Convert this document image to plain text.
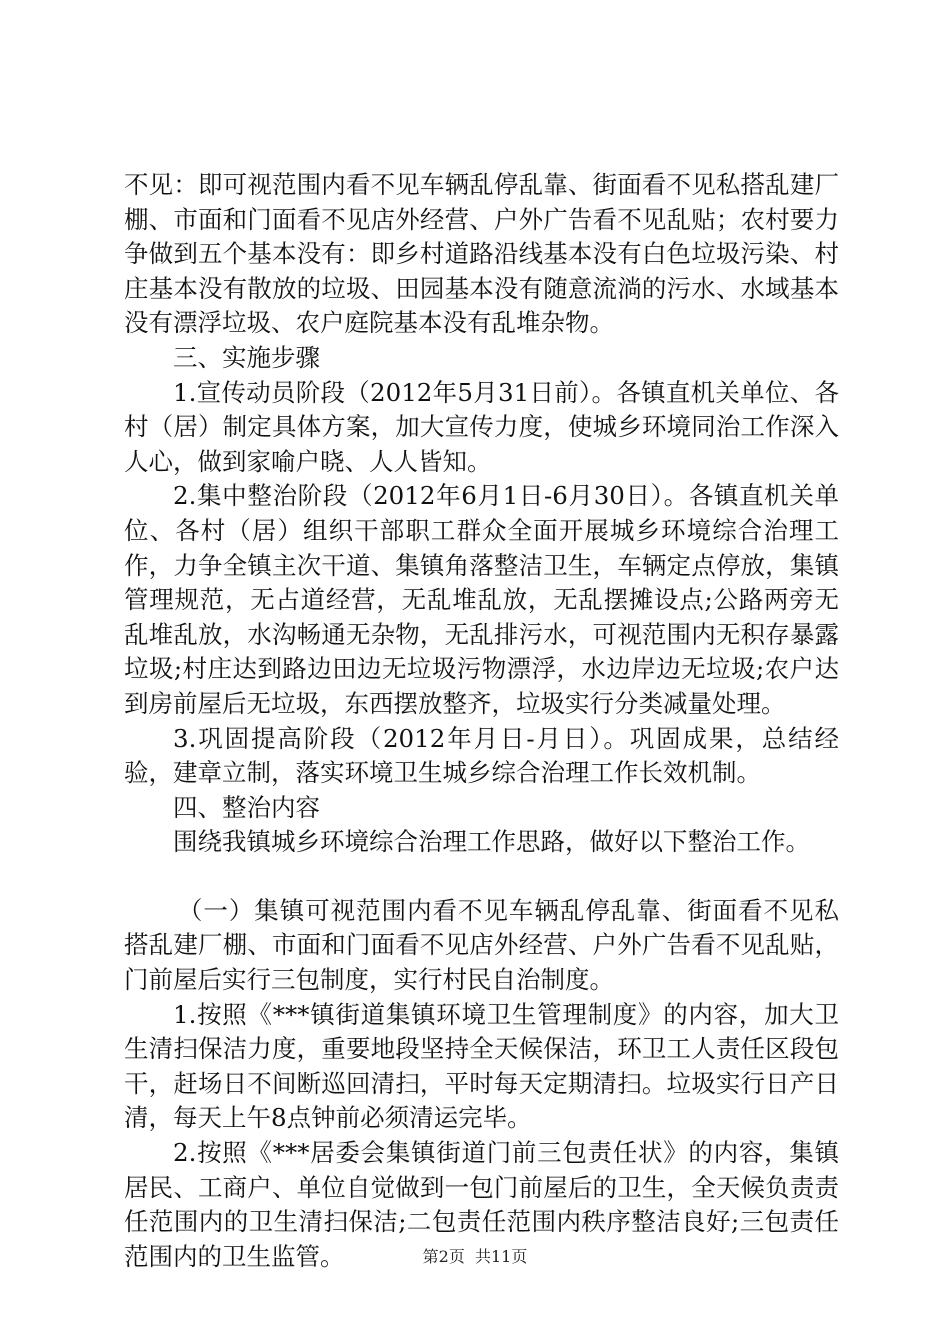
不见：即可视范围内看不见车辆乱停乱靠、街面看不见私搭乱建厂棚、市面和门面看不见店外经营、户外广告看不见乱贴；农村要力争做到五个基本没有：即乡村道路沿线基本没有白色垃圾污染、村庄基本没有散放的垃圾、田园基本没有随意流淌的污水、水域基本没有漂浮垃圾、农户庭院基本没有乱堆杂物。

三、实施步骤

1.宣传动员阶段（2012年5月31日前）。各镇直机关单位、各村（居）制定具体方案，加大宣传力度，使城乡环境同治工作深入人心，做到家喻户晓、人人皆知。

2.集中整治阶段（2012年6月1日-6月30日）。各镇直机关单位、各村（居）组织干部职工群众全面开展城乡环境综合治理工作，力争全镇主次干道、集镇角落整洁卫生，车辆定点停放，集镇管理规范，无占道经营，无乱堆乱放，无乱摆摊设点;公路两旁无乱堆乱放，水沟畅通无杂物，无乱排污水，可视范围内无积存暴露垃圾;村庄达到路边田边无垃圾污物漂浮，水边岸边无垃圾;农户达到房前屋后无垃圾，东西摆放整齐，垃圾实行分类减量处理。

3.巩固提高阶段（2012年月日-月日）。巩固成果，总结经验，建章立制，落实环境卫生城乡综合治理工作长效机制。

四、整治内容

围绕我镇城乡环境综合治理工作思路，做好以下整治工作。

（一）集镇可视范围内看不见车辆乱停乱靠、街面看不见私搭乱建厂棚、市面和门面看不见店外经营、户外广告看不见乱贴，门前屋后实行三包制度，实行村民自治制度。

1.按照《***镇街道集镇环境卫生管理制度》的内容，加大卫生清扫保洁力度，重要地段坚持全天候保洁，环卫工人责任区段包干，赶场日不间断巡回清扫，平时每天定期清扫。垃圾实行日产日清，每天上午8点钟前必须清运完毕。

2.按照《***居委会集镇街道门前三包责任状》的内容，集镇居民、工商户、单位自觉做到一包门前屋后的卫生，全天候负责责任范围内的卫生清扫保洁;二包责任范围内秩序整洁良好;三包责任范围内的卫生监管。	第2页  共11页
